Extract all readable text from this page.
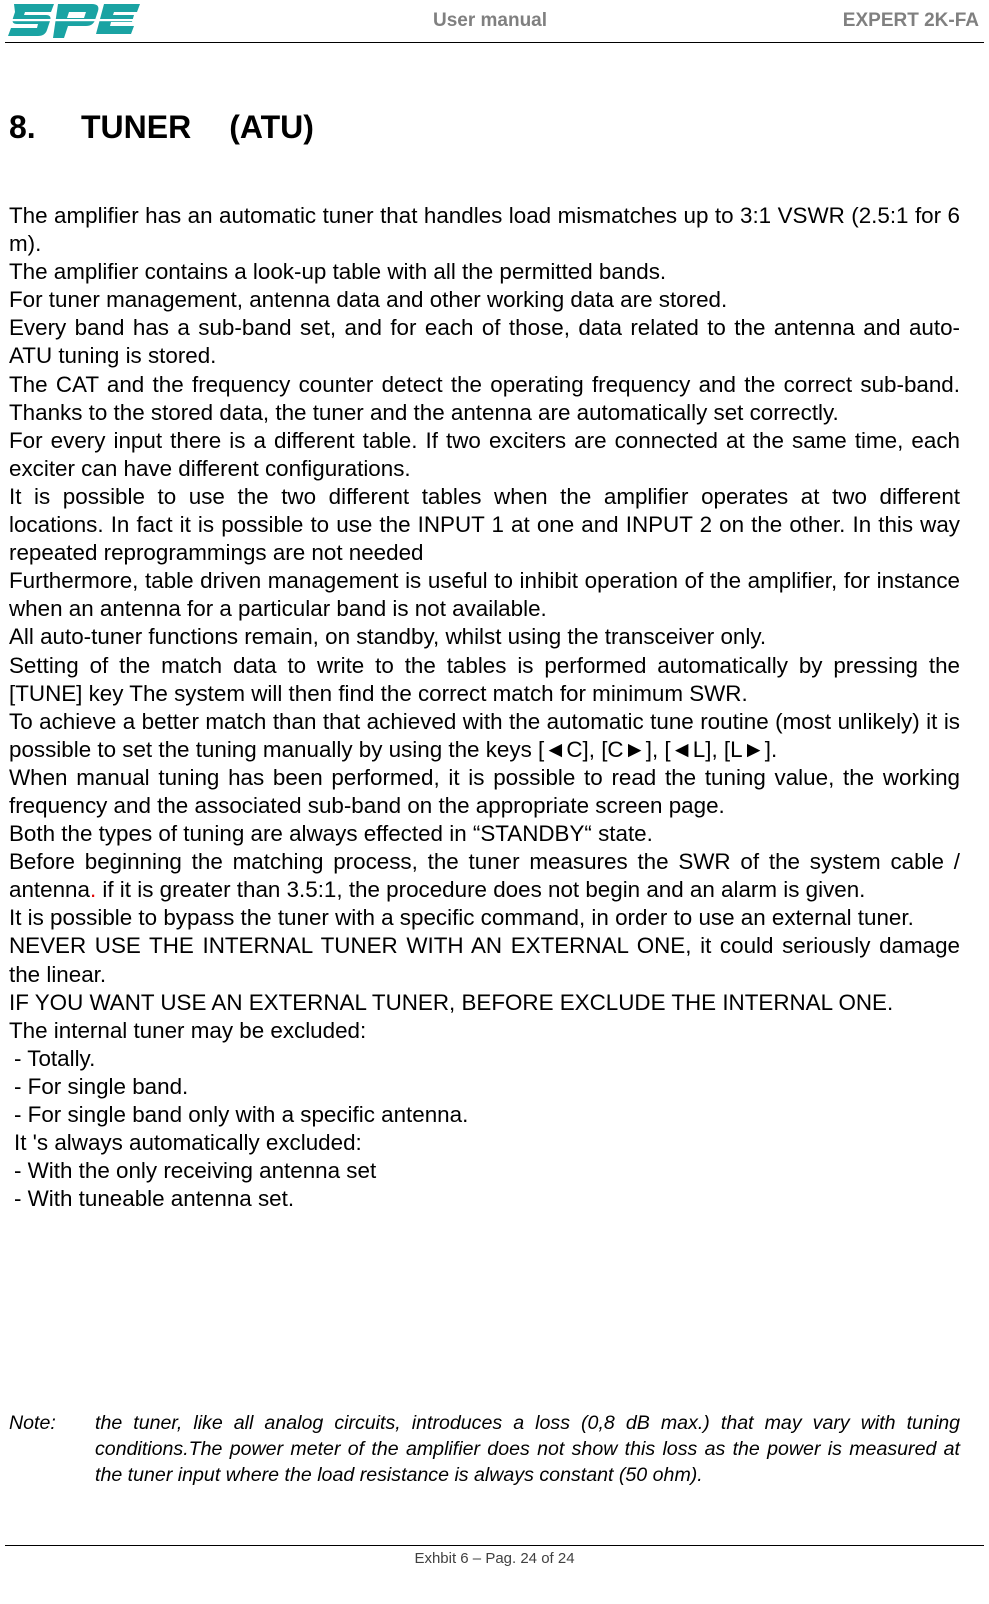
User manual	EXPERT 2K-FA
8. TUNER (ATU)

The amplifier has an automatic tuner that handles load mismatches up to 3:1 VSWR (2.5:1 for 6 m).

The amplifier contains a look-up table with all the permitted bands.

For tuner management, antenna data and other working data are stored.

Every band has a sub-band set, and for each of those, data related to the antenna and auto-ATU tuning is stored.

The CAT and the frequency counter detect the operating frequency and the correct sub-band. Thanks to the stored data, the tuner and the antenna are automatically set correctly.

For every input there is a different table. If two exciters are connected at the same time, each exciter can have different configurations.

It is possible to use the two different tables when the amplifier operates at two different locations. In fact it is possible to use the INPUT 1 at one and INPUT 2 on the other. In this way repeated reprogrammings are not needed

Furthermore, table driven management is useful to inhibit operation of the amplifier, for instance when an antenna for a particular band is not available.

All auto-tuner functions remain, on standby, whilst using the transceiver only.

Setting of the match data to write to the tables is performed automatically by pressing the [TUNE] key The system will then find the correct match for minimum SWR.

To achieve a better match than that achieved with the automatic tune routine (most unlikely) it is possible to set the tuning manually by using the keys [◄C], [C►], [◄L], [L►].

When manual tuning has been performed, it is possible to read the tuning value, the working frequency and the associated sub-band on the appropriate screen page.

Both the types of tuning are always effected in “STANDBY“ state.

Before beginning the matching process, the tuner measures the SWR of the system cable / antenna. if it is greater than 3.5:1, the procedure does not begin and an alarm is given.

It is possible to bypass the tuner with a specific command, in order to use an external tuner.

NEVER USE THE INTERNAL TUNER WITH AN EXTERNAL ONE, it could seriously damage the linear.

IF YOU WANT USE AN EXTERNAL TUNER, BEFORE EXCLUDE THE INTERNAL ONE.

The internal tuner may be excluded:

- Totally.

- For single band.

- For single band only with a specific antenna.

It 's always automatically excluded:

- With the only receiving antenna set

- With tuneable antenna set.

Note: the tuner, like all analog circuits, introduces a loss (0,8 dB max.) that may vary with tuning conditions.The power meter of the amplifier does not show this loss as the power is measured at the tuner input where the load resistance is always constant (50 ohm).
Exhbit 6 – Pag. 24 of 24
